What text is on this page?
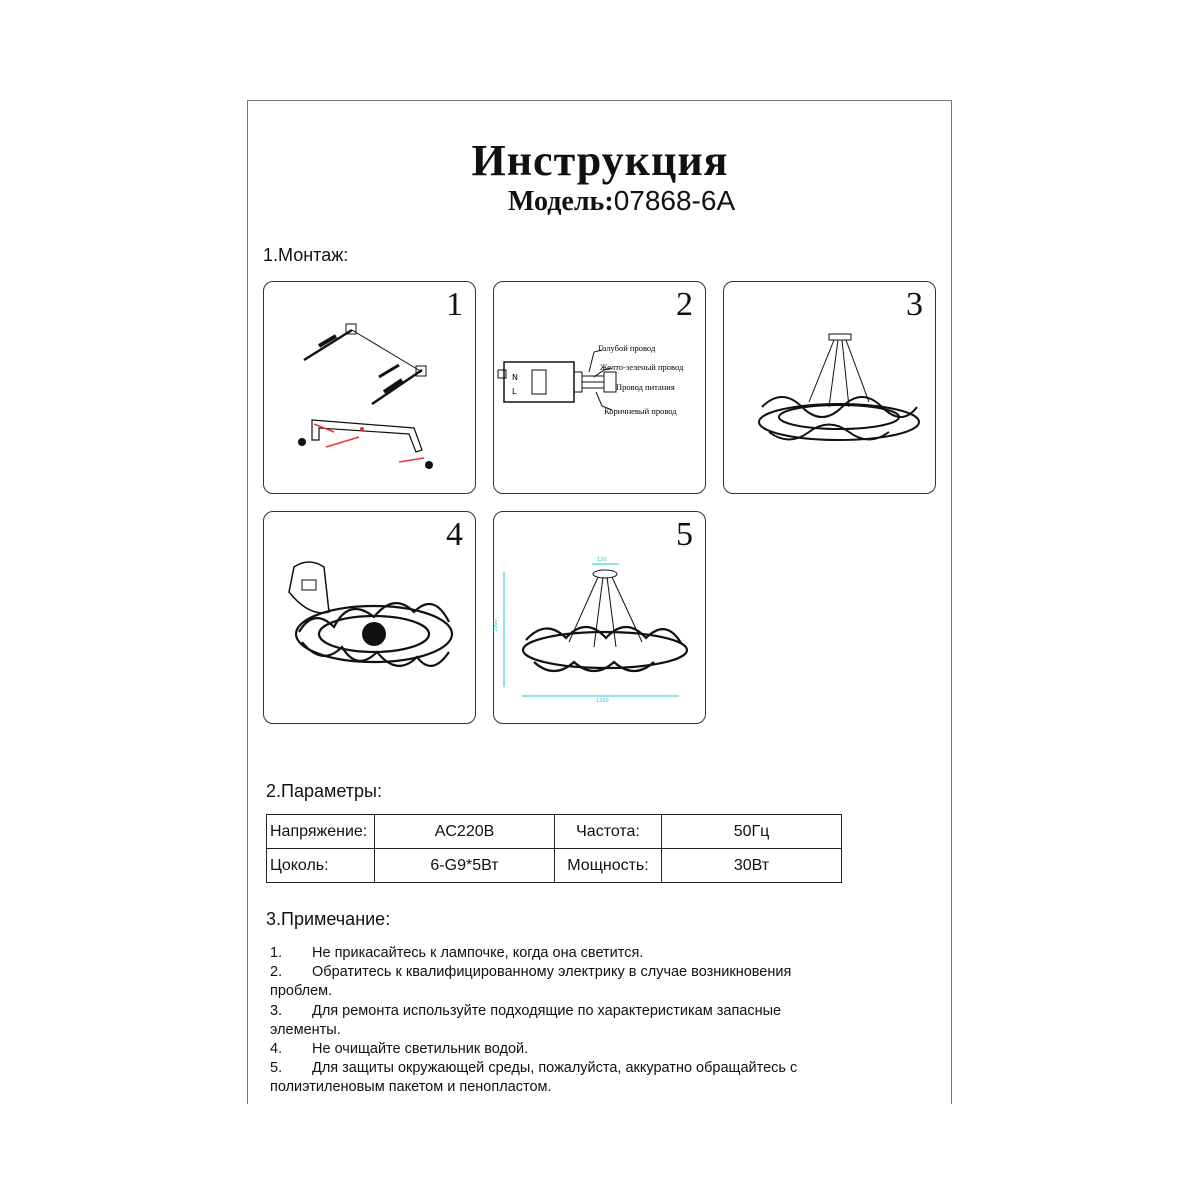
Инструкция
Модель:07868-6A
1.Монтаж:
1	2
N
L
Голубой провод
Желто-зеленый провод
Провод питания
Коричневый провод
3
4	5
120
1000
1200
2.Параметры:
Напряжение:	AC220B	Частота:	50Гц
Цоколь:	6-G9*5Вт	Мощность:	30Вт
3.Примечание:
1. Не прикасайтесь к лампочке, когда она светится.
2. Обратитесь к квалифицированному электрику в случае возникновения
проблем.
3. Для ремонта используйте подходящие по характеристикам запасные
элементы.
4. Не очищайте светильник водой.
5. Для защиты окружающей среды, пожалуйста, аккуратно обращайтесь с
полиэтиленовым пакетом и пенопластом.
